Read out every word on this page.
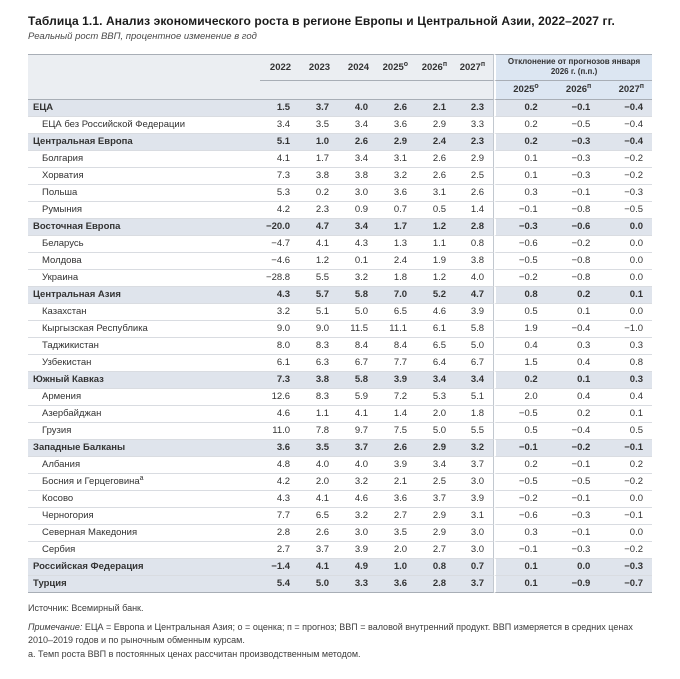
Таблица 1.1. Анализ экономического роста в регионе Европы и Центральной Азии, 2022–2027 гг.

Реальный рост ВВП, процентное изменение в год

	2022	2023	2024	$2025^о$	$2026^п$	$2027^п$	Отклонение от прогнозов января 2026 г. (п.п.)		

							$2025^о$	$2026^п$	$2027^п$
ЕЦА	1.5	3.7	4.0	2.6	2.1	2.3	0.2	−0.1	−0.4
ЕЦА без Российской Федерации	3.4	3.5	3.4	3.6	2.9	3.3	0.2	−0.5	−0.4
Центральная Европа	5.1	1.0	2.6	2.9	2.4	2.3	0.2	−0.3	−0.4
Болгария	4.1	1.7	3.4	3.1	2.6	2.9	0.1	−0.3	−0.2
Хорватия	7.3	3.8	3.8	3.2	2.6	2.5	0.1	−0.3	−0.2
Польша	5.3	0.2	3.0	3.6	3.1	2.6	0.3	−0.1	−0.3
Румыния	4.2	2.3	0.9	0.7	0.5	1.4	−0.1	−0.8	−0.5
Восточная Европа	−20.0	4.7	3.4	1.7	1.2	2.8	−0.3	−0.6	0.0
Беларусь	−4.7	4.1	4.3	1.3	1.1	0.8	−0.6	−0.2	0.0
Молдова	−4.6	1.2	0.1	2.4	1.9	3.8	−0.5	−0.8	0.0
Украина	−28.8	5.5	3.2	1.8	1.2	4.0	−0.2	−0.8	0.0
Центральная Азия	4.3	5.7	5.8	7.0	5.2	4.7	0.8	0.2	0.1
Казахстан	3.2	5.1	5.0	6.5	4.6	3.9	0.5	0.1	0.0
Кыргызская Республика	9.0	9.0	11.5	11.1	6.1	5.8	1.9	−0.4	−1.0
Таджикистан	8.0	8.3	8.4	8.4	6.5	5.0	0.4	0.3	0.3
Узбекистан	6.1	6.3	6.7	7.7	6.4	6.7	1.5	0.4	0.8
Южный Кавказ	7.3	3.8	5.8	3.9	3.4	3.4	0.2	0.1	0.3
Армения	12.6	8.3	5.9	7.2	5.3	5.1	2.0	0.4	0.4
Азербайджан	4.6	1.1	4.1	1.4	2.0	1.8	−0.5	0.2	0.1
Грузия	11.0	7.8	9.7	7.5	5.0	5.5	0.5	−0.4	0.5
Западные Балканы	3.6	3.5	3.7	2.6	2.9	3.2	−0.1	−0.2	−0.1
Албания	4.8	4.0	4.0	3.9	3.4	3.7	0.2	−0.1	0.2
Босния и Герцеговина$^а$	4.2	2.0	3.2	2.1	2.5	3.0	−0.5	−0.5	−0.2
Косово	4.3	4.1	4.6	3.6	3.7	3.9	−0.2	−0.1	0.0
Черногория	7.7	6.5	3.2	2.7	2.9	3.1	−0.6	−0.3	−0.1
Северная Македония	2.8	2.6	3.0	3.5	2.9	3.0	0.3	−0.1	0.0
Сербия	2.7	3.7	3.9	2.0	2.7	3.0	−0.1	−0.3	−0.2
Российская Федерация	−1.4	4.1	4.9	1.0	0.8	0.7	0.1	0.0	−0.3
Турция	5.4	5.0	3.3	3.6	2.8	3.7	0.1	−0.9	−0.7

Источник: Всемирный банк.

Примечание: ЕЦА = Европа и Центральная Азия; о = оценка; п = прогноз; ВВП = валовой внутренний продукт. ВВП измеряется в средних ценах 2010–2019 годов и по рыночным обменным курсам.

а. Темп роста ВВП в постоянных ценах рассчитан производственным методом.
